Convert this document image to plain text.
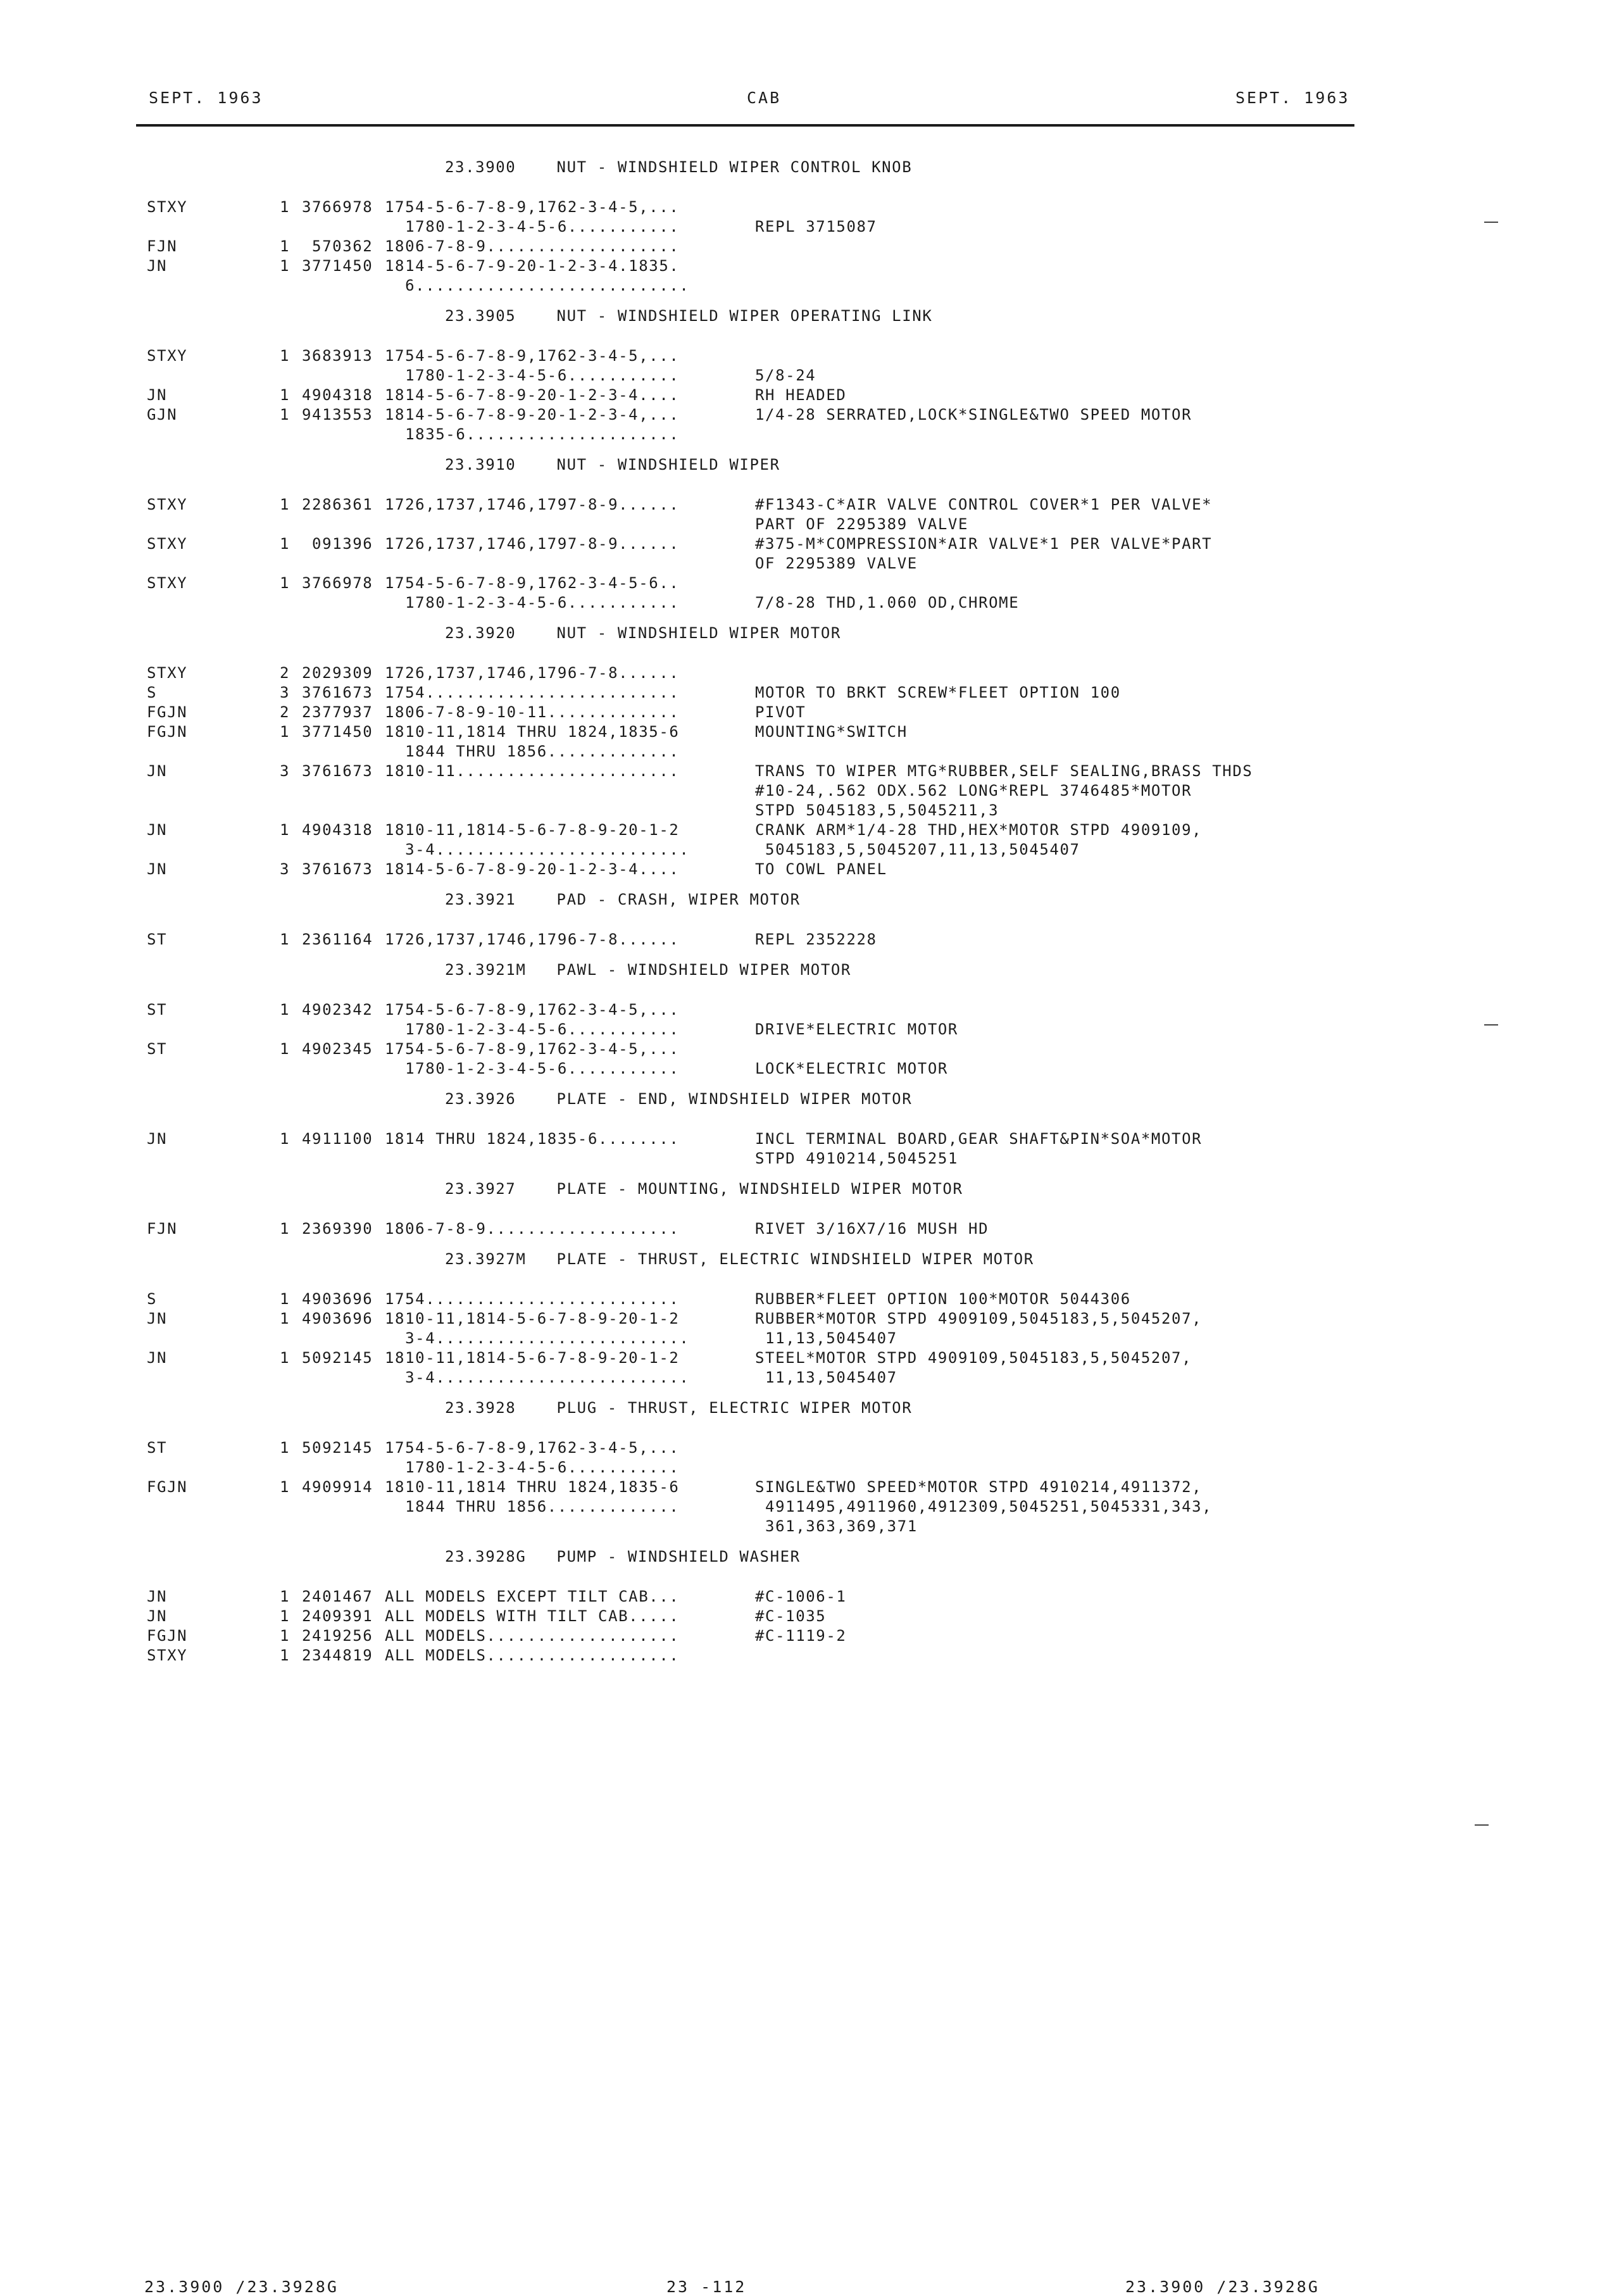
SEPT. 1963	CAB	SEPT. 1963
23.3900    NUT - WINDSHIELD WIPER CONTROL KNOB
STXY	1 3766978 1754-5-6-7-8-9,1762-3-4-5,...
1780-1-2-3-4-5-6...........	REPL 3715087
FJN	1 570362 1806-7-8-9...................
JN	1 3771450 1814-5-6-7-9-20-1-2-3-4.1835.
6...........................
23.3905    NUT - WINDSHIELD WIPER OPERATING LINK
STXY	1 3683913 1754-5-6-7-8-9,1762-3-4-5,...
1780-1-2-3-4-5-6...........	5/8-24
JN	1 4904318 1814-5-6-7-8-9-20-1-2-3-4....	RH HEADED
GJN	1 9413553 1814-5-6-7-8-9-20-1-2-3-4,...	1/4-28 SERRATED,LOCK*SINGLE&TWO SPEED MOTOR
1835-6.....................
23.3910    NUT - WINDSHIELD WIPER
STXY	1 2286361 1726,1737,1746,1797-8-9......	#F1343-C*AIR VALVE CONTROL COVER*1 PER VALVE*
PART OF 2295389 VALVE
STXY	1 091396 1726,1737,1746,1797-8-9......	#375-M*COMPRESSION*AIR VALVE*1 PER VALVE*PART
OF 2295389 VALVE
STXY	1 3766978 1754-5-6-7-8-9,1762-3-4-5-6..
1780-1-2-3-4-5-6...........	7/8-28 THD,1.060 OD,CHROME
23.3920    NUT - WINDSHIELD WIPER MOTOR
STXY	2 2029309 1726,1737,1746,1796-7-8......
S	3 3761673 1754.........................	MOTOR TO BRKT SCREW*FLEET OPTION 100
FGJN	2 2377937 1806-7-8-9-10-11.............	PIVOT
FGJN	1 3771450 1810-11,1814 THRU 1824,1835-6	MOUNTING*SWITCH
1844 THRU 1856.............
JN	3 3761673 1810-11......................	TRANS TO WIPER MTG*RUBBER,SELF SEALING,BRASS THDS
#10-24,.562 ODX.562 LONG*REPL 3746485*MOTOR
STPD 5045183,5,5045211,3
JN	1 4904318 1810-11,1814-5-6-7-8-9-20-1-2	CRANK ARM*1/4-28 THD,HEX*MOTOR STPD 4909109,
3-4.........................	5045183,5,5045207,11,13,5045407
JN	3 3761673 1814-5-6-7-8-9-20-1-2-3-4....	TO COWL PANEL
23.3921    PAD - CRASH, WIPER MOTOR
ST	1 2361164 1726,1737,1746,1796-7-8......	REPL 2352228
23.3921M   PAWL - WINDSHIELD WIPER MOTOR
ST	1 4902342 1754-5-6-7-8-9,1762-3-4-5,...
1780-1-2-3-4-5-6...........	DRIVE*ELECTRIC MOTOR
ST	1 4902345 1754-5-6-7-8-9,1762-3-4-5,...
1780-1-2-3-4-5-6...........	LOCK*ELECTRIC MOTOR
23.3926    PLATE - END, WINDSHIELD WIPER MOTOR
JN	1 4911100 1814 THRU 1824,1835-6........	INCL TERMINAL BOARD,GEAR SHAFT&PIN*SOA*MOTOR
STPD 4910214,5045251
23.3927    PLATE - MOUNTING, WINDSHIELD WIPER MOTOR
FJN	1 2369390 1806-7-8-9...................	RIVET 3/16X7/16 MUSH HD
23.3927M   PLATE - THRUST, ELECTRIC WINDSHIELD WIPER MOTOR
S	1 4903696 1754.........................	RUBBER*FLEET OPTION 100*MOTOR 5044306
JN	1 4903696 1810-11,1814-5-6-7-8-9-20-1-2	RUBBER*MOTOR STPD 4909109,5045183,5,5045207,
3-4.........................	11,13,5045407
JN	1 5092145 1810-11,1814-5-6-7-8-9-20-1-2	STEEL*MOTOR STPD 4909109,5045183,5,5045207,
3-4.........................	11,13,5045407
23.3928    PLUG - THRUST, ELECTRIC WIPER MOTOR
ST	1 5092145 1754-5-6-7-8-9,1762-3-4-5,...
1780-1-2-3-4-5-6...........
FGJN	1 4909914 1810-11,1814 THRU 1824,1835-6	SINGLE&TWO SPEED*MOTOR STPD 4910214,4911372,
1844 THRU 1856.............	4911495,4911960,4912309,5045251,5045331,343,
361,363,369,371
23.3928G   PUMP - WINDSHIELD WASHER
JN	1 2401467 ALL MODELS EXCEPT TILT CAB...	#C-1006-1
JN	1 2409391 ALL MODELS WITH TILT CAB.....	#C-1035
FGJN	1 2419256 ALL MODELS...................	#C-1119-2
STXY	1 2344819 ALL MODELS...................
23.3900 /23.3928G	23 -112	23.3900 /23.3928G
